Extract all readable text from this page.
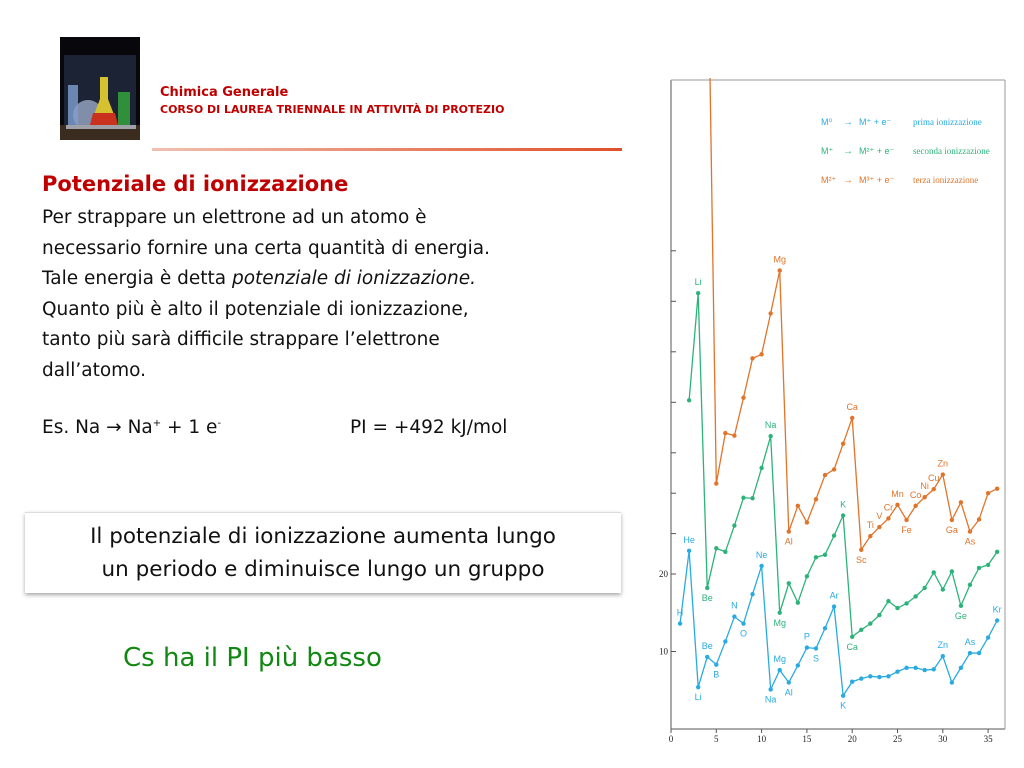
Chimica Generale
CORSO DI LAUREA TRIENNALE IN ATTIVITÀ DI PROTEZIO
Potenziale di ionizzazione

Per strappare un elettrone ad un atomo è

necessario fornire una certa quantità di energia.

Tale energia è detta potenziale di ionizzazione.

Quanto più è alto il potenziale di ionizzazione,

tanto più sarà difficile strappare l’elettrone

dall’atomo.

Es. Na → Na+ + 1 e-	PI = +492 kJ/mol
Il potenziale di ionizzazione aumenta lungo
un periodo e diminuisce lungo un gruppo
Cs ha il PI più basso	10
20
0	5	10	15	20	25	30	35
H
He
Li
Be
B
N
O
Ne
Na
Mg
Al
P
S
Ar
K
Zn As
Kr
M⁰ → M⁺ + e⁻ prima ionizzazione
Li
Be
Na
Mg
K
Ca
Ge
M⁺ → M²⁺ + e⁻ seconda ionizzazione
Mg
Al
Ca
Sc
Ti
V
Cr
Mn
Fe
Co
Ni
Cu
Zn
Ga
As
M²⁺ → M³⁺ + e⁻ terza ionizzazione
